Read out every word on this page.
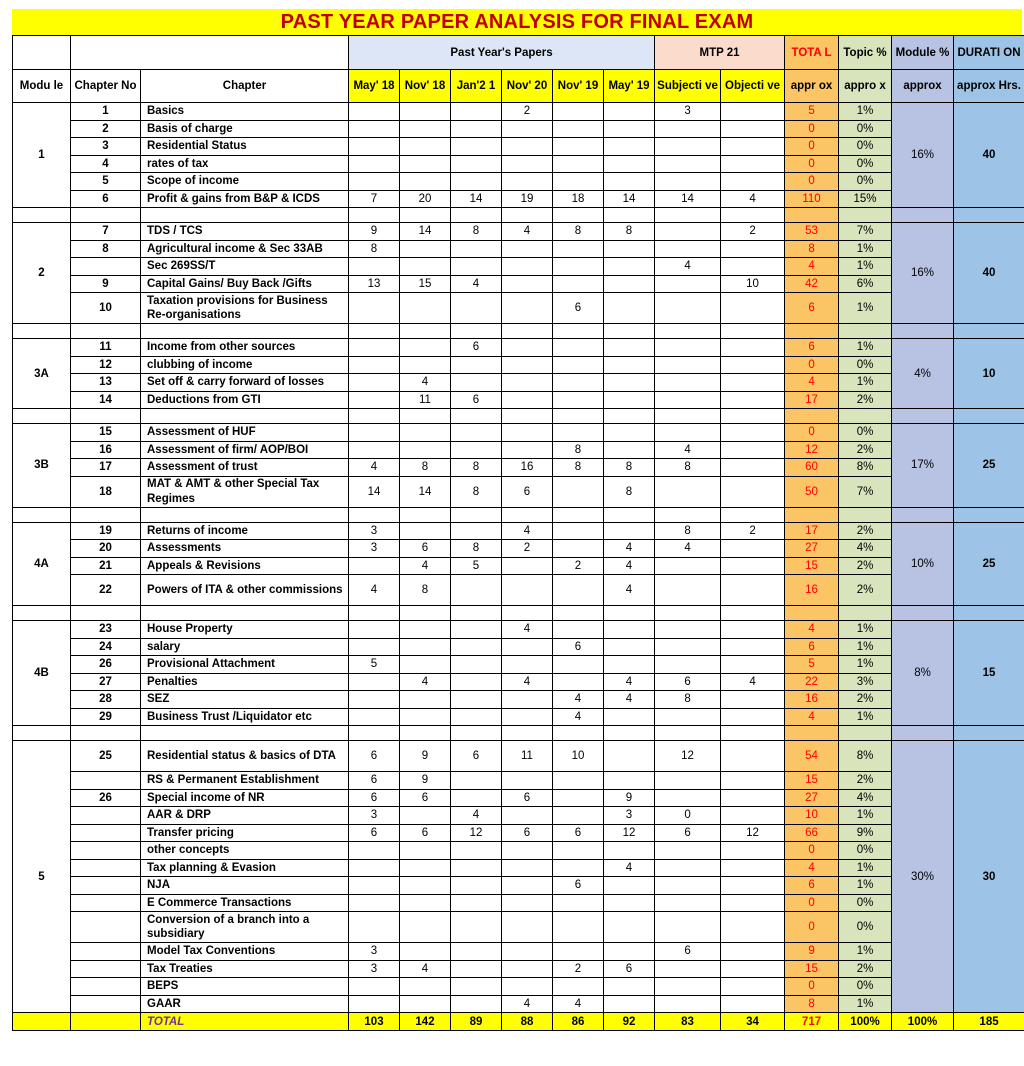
PAST YEAR PAPER ANALYSIS FOR FINAL EXAM
			Past Year's Papers						MTP 21		TOTA L	Topic %	Module %	DURATI ON
Modu le	Chapter No	Chapter	May' 18	Nov' 18	Jan'2 1	Nov' 20	Nov' 19	May' 19	Subjecti ve	Objecti ve	appr ox	appro x	approx	approx Hrs.
1	1	Basics				2			3		5	1%	16%	40
	2	Basis of charge									0	0%		
	3	Residential Status									0	0%		
	4	rates of tax									0	0%		
	5	Scope of income									0	0%		
	6	Profit & gains from B&P & ICDS	7	20	14	19	18	14	14	4	110	15%		

2	7	TDS / TCS	9	14	8	4	8	8		2	53	7%	16%	40
	8	Agricultural income & Sec 33AB	8								8	1%		
		Sec 269SS/T							4		4	1%		
	9	Capital Gains/ Buy Back /Gifts	13	15	4					10	42	6%		
	10	Taxation provisions for Business Re-organisations					6				6	1%		

3A	11	Income from other sources			6						6	1%	4%	10
	12	clubbing of income									0	0%		
	13	Set off & carry forward of losses		4							4	1%		
	14	Deductions from GTI		11	6						17	2%		

3B	15	Assessment of HUF									0	0%	17%	25
	16	Assessment of firm/ AOP/BOI					8		4		12	2%		
	17	Assessment of trust	4	8	8	16	8	8	8		60	8%		
	18	MAT & AMT & other Special Tax Regimes	14	14	8	6		8			50	7%		

4A	19	Returns of income	3			4			8	2	17	2%	10%	25
	20	Assessments	3	6	8	2		4	4		27	4%		
	21	Appeals & Revisions		4	5		2	4			15	2%		
	22	Powers of ITA & other commissions	4	8				4			16	2%		

4B	23	House Property				4					4	1%	8%	15
	24	salary					6				6	1%		
	26	Provisional Attachment	5								5	1%		
	27	Penalties		4		4		4	6	4	22	3%		
	28	SEZ					4	4	8		16	2%		
	29	Business Trust /Liquidator etc					4				4	1%		

5	25	Residential status & basics of DTA	6	9	6	11	10		12		54	8%	30%	30
		RS & Permanent Establishment	6	9							15	2%		
	26	Special income of NR	6	6		6		9			27	4%		
		AAR & DRP	3		4			3	0		10	1%		
		Transfer pricing	6	6	12	6	6	12	6	12	66	9%		
		other concepts									0	0%		
		Tax planning & Evasion						4			4	1%		
		NJA					6				6	1%		
		E Commerce Transactions									0	0%		
		Conversion of a branch into a subsidiary									0	0%		
		Model Tax Conventions	3						6		9	1%		
		Tax Treaties	3	4			2	6			15	2%		
		BEPS									0	0%		
		GAAR				4	4				8	1%		
		TOTAL	103	142	89	88	86	92	83	34	717	100%	100%	185
